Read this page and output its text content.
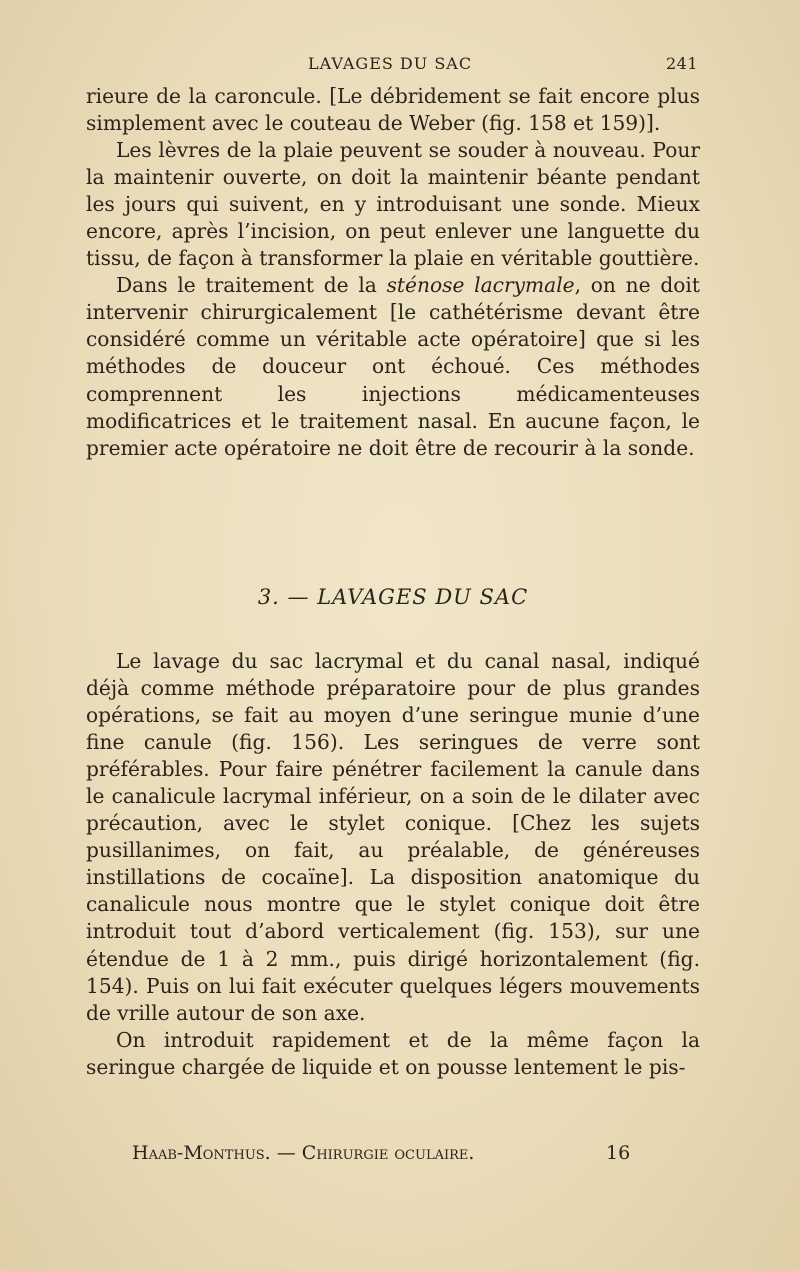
LAVAGES DU SAC	241

rieure de la caroncule. [Le débridement se fait encore plus simplement avec le couteau de Weber (fig. 158 et 159)].

Les lèvres de la plaie peuvent se souder à nouveau. Pour la maintenir ouverte, on doit la maintenir béante pendant les jours qui suivent, en y introduisant une sonde. Mieux encore, après l’incision, on peut enlever une languette du tissu, de façon à transformer la plaie en véritable gouttière.

Dans le traitement de la sténose lacrymale, on ne doit intervenir chirurgicalement [le cathétérisme devant être considéré comme un véritable acte opératoire] que si les méthodes de douceur ont échoué. Ces méthodes comprennent les injections médicamenteuses modificatrices et le traitement nasal. En aucune façon, le premier acte opératoire ne doit être de recourir à la sonde.

3. — LAVAGES DU SAC

Le lavage du sac lacrymal et du canal nasal, indiqué déjà comme méthode préparatoire pour de plus grandes opérations, se fait au moyen d’une seringue munie d’une fine canule (fig. 156). Les seringues de verre sont préférables. Pour faire pénétrer facilement la canule dans le canalicule lacrymal inférieur, on a soin de le dilater avec précaution, avec le stylet conique. [Chez les sujets pusillanimes, on fait, au préalable, de généreuses instillations de cocaïne]. La disposition anatomique du canalicule nous montre que le stylet conique doit être introduit tout d’abord verticalement (fig. 153), sur une étendue de 1 à 2 mm., puis dirigé horizontalement (fig. 154). Puis on lui fait exécuter quelques légers mouvements de vrille autour de son axe.

On introduit rapidement et de la même façon la seringue chargée de liquide et on pousse lentement le pis-

Haab-Monthus. — Chirurgie oculaire.	16
